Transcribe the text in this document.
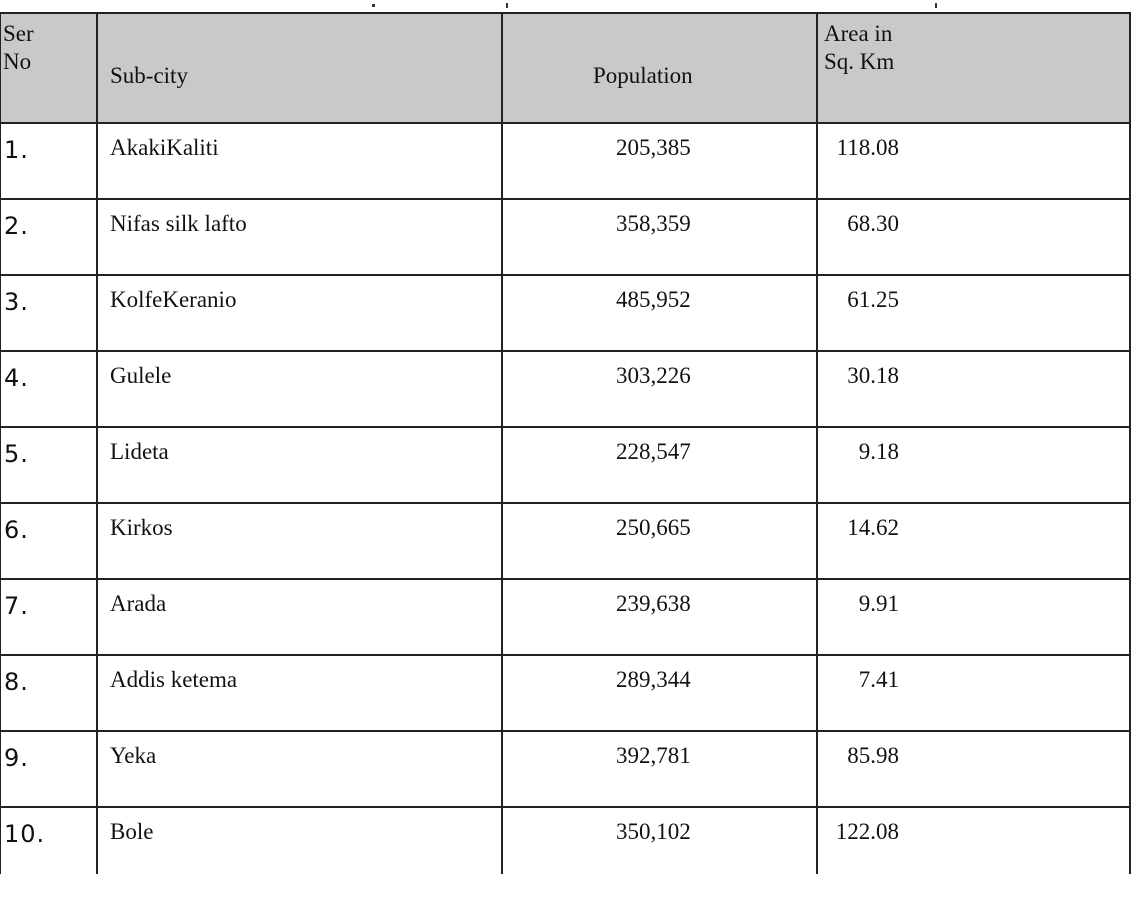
Ser
No	Sub-city	Population	Area in
Sq. Km

1.	AkakiKaliti	205,385	118.08

2.	Nifas silk lafto	358,359	68.30

3.	KolfeKeranio	485,952	61.25

4.	Gulele	303,226	30.18

5.	Lideta	228,547	9.18

6.	Kirkos	250,665	14.62

7.	Arada	239,638	9.91

8.	Addis ketema	289,344	7.41

9.	Yeka	392,781	85.98

10.	Bole	350,102	122.08
